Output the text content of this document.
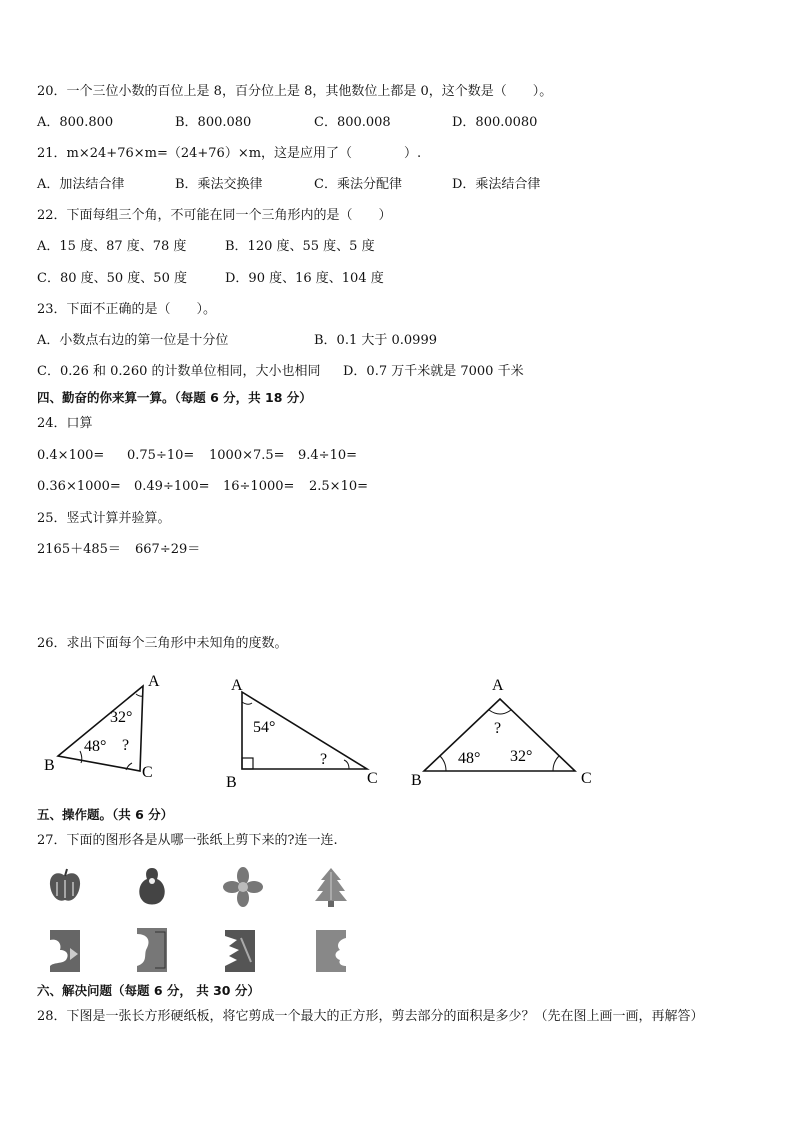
20．一个三位小数的百位上是 8，百分位上是 8，其他数位上都是 0，这个数是（　　）。
A．800.800	B．800.080	C．800.008	D．800.0080
21．m×24+76×m=（24+76）×m，这是应用了（　　　　）.
A．加法结合律	B．乘法交换律	C．乘法分配律	D．乘法结合律
22．下面每组三个角，不可能在同一个三角形内的是（　　）
A．15 度、87 度、78 度	B．120 度、55 度、5 度
C．80 度、50 度、50 度	D．90 度、16 度、104 度
23．下面不正确的是（　　）。
A．小数点右边的第一位是十分位	B．0.1 大于 0.0999
C．0.26 和 0.260 的计数单位相同，大小也相同 D．0.7 万千米就是 7000 千米
四、勤奋的你来算一算。（每题 6 分，共 18 分）
24．口算
0.4×100= 0.75÷10= 1000×7.5= 9.4÷10=
0.36×1000= 0.49÷100= 16÷1000= 2.5×10=
25．竖式计算并验算。
2165＋485＝ 667÷29＝
26．求出下面每个三角形中未知角的度数。
A
B	C
32°
48° ?
A
B	C
54°
?
A
B	C
?
48° 32°
五、操作题。（共 6 分）
27．下面的图形各是从哪一张纸上剪下来的?连一连.
六、解决问题（每题 6 分， 共 30 分）
28．下图是一张长方形硬纸板，将它剪成一个最大的正方形，剪去部分的面积是多少？（先在图上画一画，再解答）
